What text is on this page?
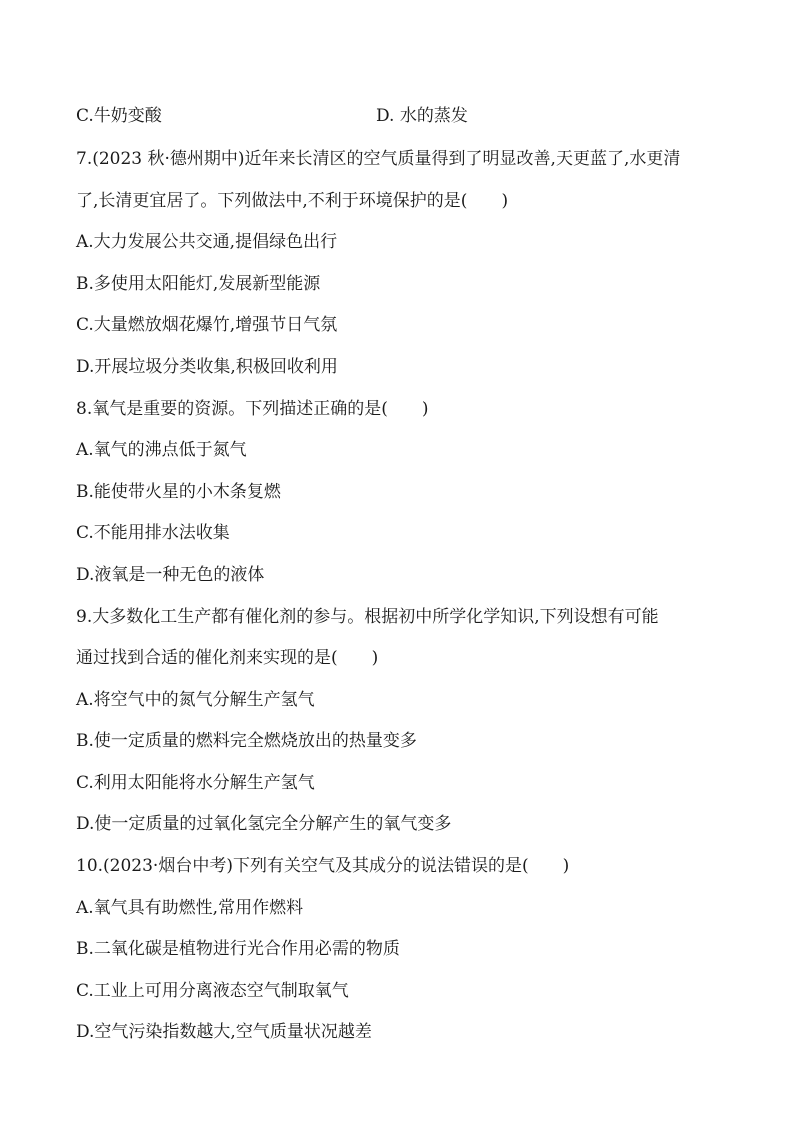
C.牛奶变酸	D. 水的蒸发
7.(2023 秋·德州期中)近年来长清区的空气质量得到了明显改善,天更蓝了,水更清
了,长清更宜居了。下列做法中,不利于环境保护的是(　　)
A.大力发展公共交通,提倡绿色出行
B.多使用太阳能灯,发展新型能源
C.大量燃放烟花爆竹,增强节日气氛
D.开展垃圾分类收集,积极回收利用
8.氧气是重要的资源。下列描述正确的是(　　)
A.氧气的沸点低于氮气
B.能使带火星的小木条复燃
C.不能用排水法收集
D.液氧是一种无色的液体
9.大多数化工生产都有催化剂的参与。根据初中所学化学知识,下列设想有可能
通过找到合适的催化剂来实现的是(　　)
A.将空气中的氮气分解生产氢气
B.使一定质量的燃料完全燃烧放出的热量变多
C.利用太阳能将水分解生产氢气
D.使一定质量的过氧化氢完全分解产生的氧气变多
10.(2023·烟台中考)下列有关空气及其成分的说法错误的是(　　)
A.氧气具有助燃性,常用作燃料
B.二氧化碳是植物进行光合作用必需的物质
C.工业上可用分离液态空气制取氧气
D.空气污染指数越大,空气质量状况越差
